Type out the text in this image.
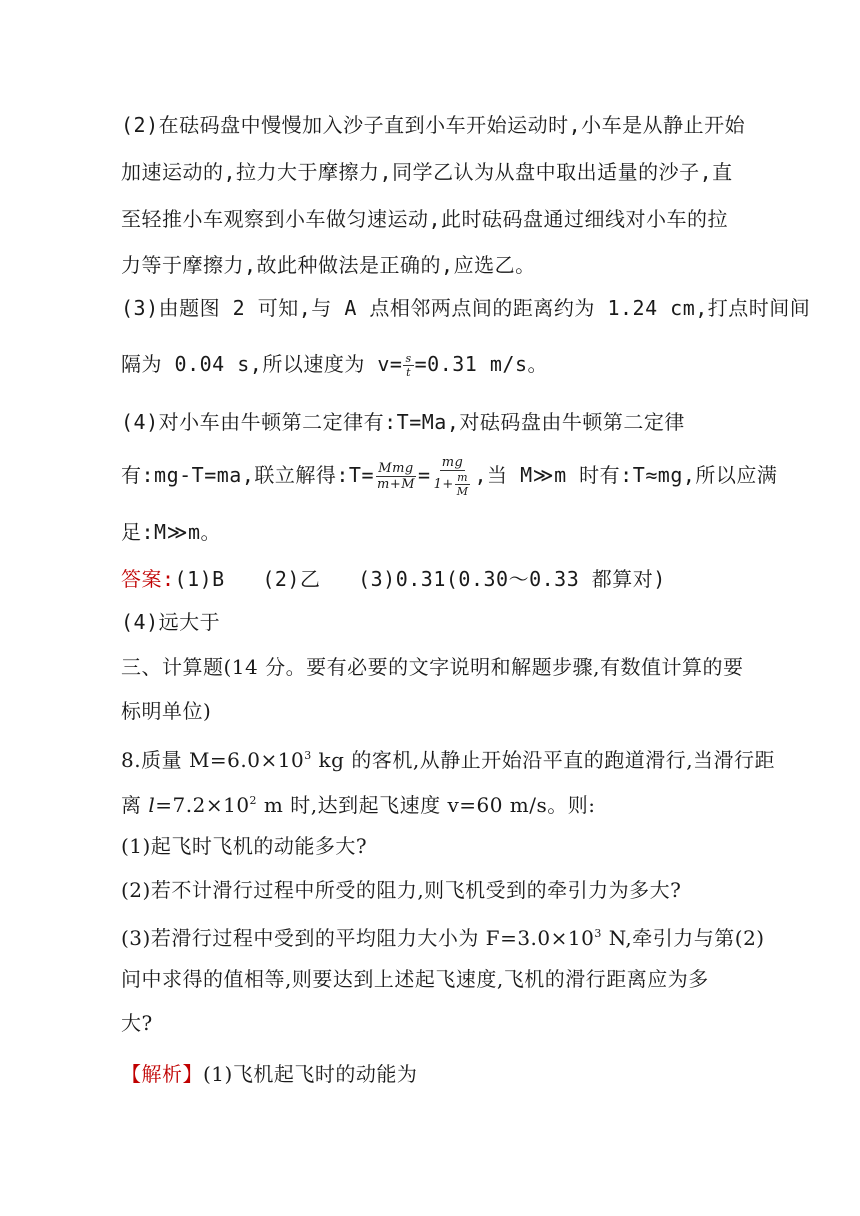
(2)在砝码盘中慢慢加入沙子直到小车开始运动时,小车是从静止开始
加速运动的,拉力大于摩擦力,同学乙认为从盘中取出适量的沙子,直
至轻推小车观察到小车做匀速运动,此时砝码盘通过细线对小车的拉
力等于摩擦力,故此种做法是正确的,应选乙。
(3)由题图 2 可知,与 A 点相邻两点间的距离约为 1.24 cm,打点时间间
隔为 0.04 s,所以速度为 $v= \frac{s}{t} =0.31$ m/s。
(4)对小车由牛顿第二定律有:T=Ma,对砝码盘由牛顿第二定律
有:mg-T=ma,联立解得:T= $\frac{\text{Mmg}}{m+M} = \frac{mg}{1+ \frac{m}{M}}$ ,当 M≫m 时有:T≈mg,所以应满
足:M≫m。
答案:(1)B   (2)乙   (3)0.31(0.30～0.33 都算对)
(4)远大于
三、计算题(14 分。要有必要的文字说明和解题步骤,有数值计算的要
标明单位)
8.质量 $M=6.0\times 10^3$ kg 的客机,从静止开始沿平直的跑道滑行,当滑行距
离 $l=7.2\times 10^2$ m 时,达到起飞速度 v=60 m/s。则:
(1)起飞时飞机的动能多大?
(2)若不计滑行过程中所受的阻力,则飞机受到的牵引力为多大?
(3)若滑行过程中受到的平均阻力大小为 $F=3.0\times 10^3$ N,牵引力与第(2)
问中求得的值相等,则要达到上述起飞速度,飞机的滑行距离应为多
大?
【解析】(1)飞机起飞时的动能为
